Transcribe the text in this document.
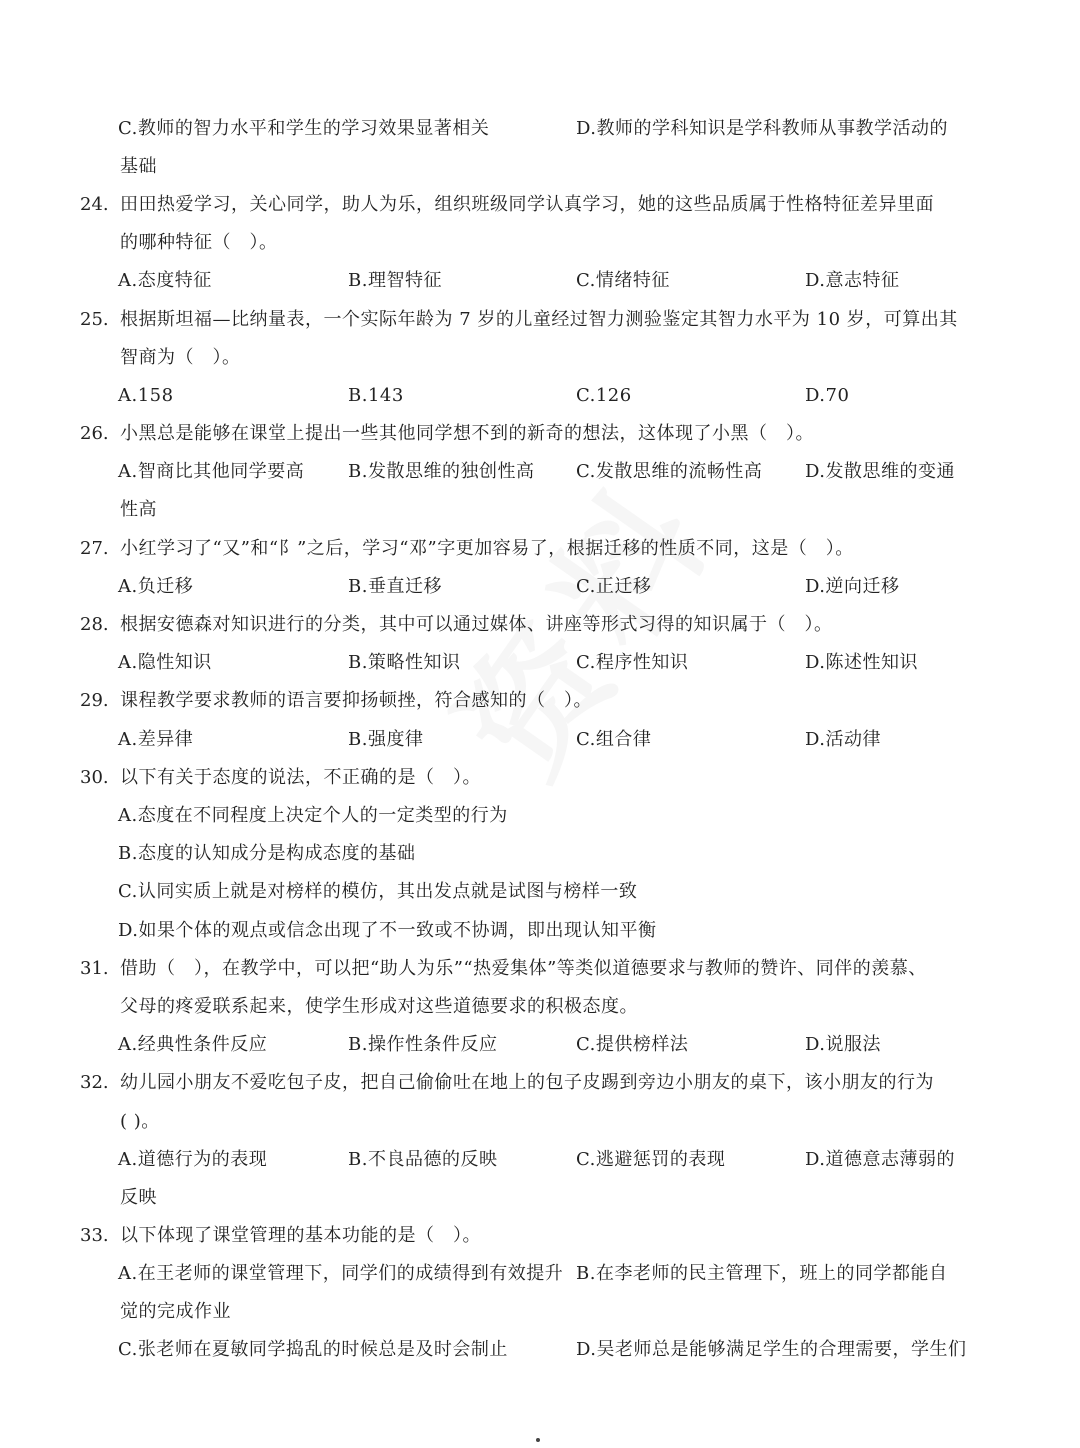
C.教师的智力水平和学生的学习效果显著相关	D.教师的学科知识是学科教师从事教学活动的
基础
24. 田田热爱学习，关心同学，助人为乐，组织班级同学认真学习，她的这些品质属于性格特征差异里面
的哪种特征（　）。
A.态度特征	B.理智特征	C.情绪特征	D.意志特征
25. 根据斯坦福—比纳量表，一个实际年龄为 7 岁的儿童经过智力测验鉴定其智力水平为 10 岁，可算出其
智商为（　）。
A.158	B.143	C.126	D.70
26. 小黑总是能够在课堂上提出一些其他同学想不到的新奇的想法，这体现了小黑（　）。
A.智商比其他同学要高 B.发散思维的独创性高 C.发散思维的流畅性高 D.发散思维的变通
性高
27. 小红学习了“又”和“阝”之后，学习“邓”字更加容易了，根据迁移的性质不同，这是（　）。
A.负迁移	B.垂直迁移	C.正迁移	D.逆向迁移
28. 根据安德森对知识进行的分类，其中可以通过媒体、讲座等形式习得的知识属于（　）。
A.隐性知识	B.策略性知识	C.程序性知识	D.陈述性知识
29. 课程教学要求教师的语言要抑扬顿挫，符合感知的（　）。
A.差异律	B.强度律	C.组合律	D.活动律
30. 以下有关于态度的说法，不正确的是（　）。
A.态度在不同程度上决定个人的一定类型的行为
B.态度的认知成分是构成态度的基础
C.认同实质上就是对榜样的模仿，其出发点就是试图与榜样一致
D.如果个体的观点或信念出现了不一致或不协调，即出现认知平衡
31. 借助（　），在教学中，可以把“助人为乐”“热爱集体”等类似道德要求与教师的赞许、同伴的羡慕、
父母的疼爱联系起来，使学生形成对这些道德要求的积极态度。
A.经典性条件反应	B.操作性条件反应	C.提供榜样法	D.说服法
32. 幼儿园小朋友不爱吃包子皮，把自己偷偷吐在地上的包子皮踢到旁边小朋友的桌下，该小朋友的行为
( )。
A.道德行为的表现	B.不良品德的反映	C.逃避惩罚的表现	D.道德意志薄弱的
反映
33. 以下体现了课堂管理的基本功能的是（　）。
A.在王老师的课堂管理下，同学们的成绩得到有效提升 B.在李老师的民主管理下，班上的同学都能自
觉的完成作业
C.张老师在夏敏同学捣乱的时候总是及时会制止	D.吴老师总是能够满足学生的合理需要，学生们
